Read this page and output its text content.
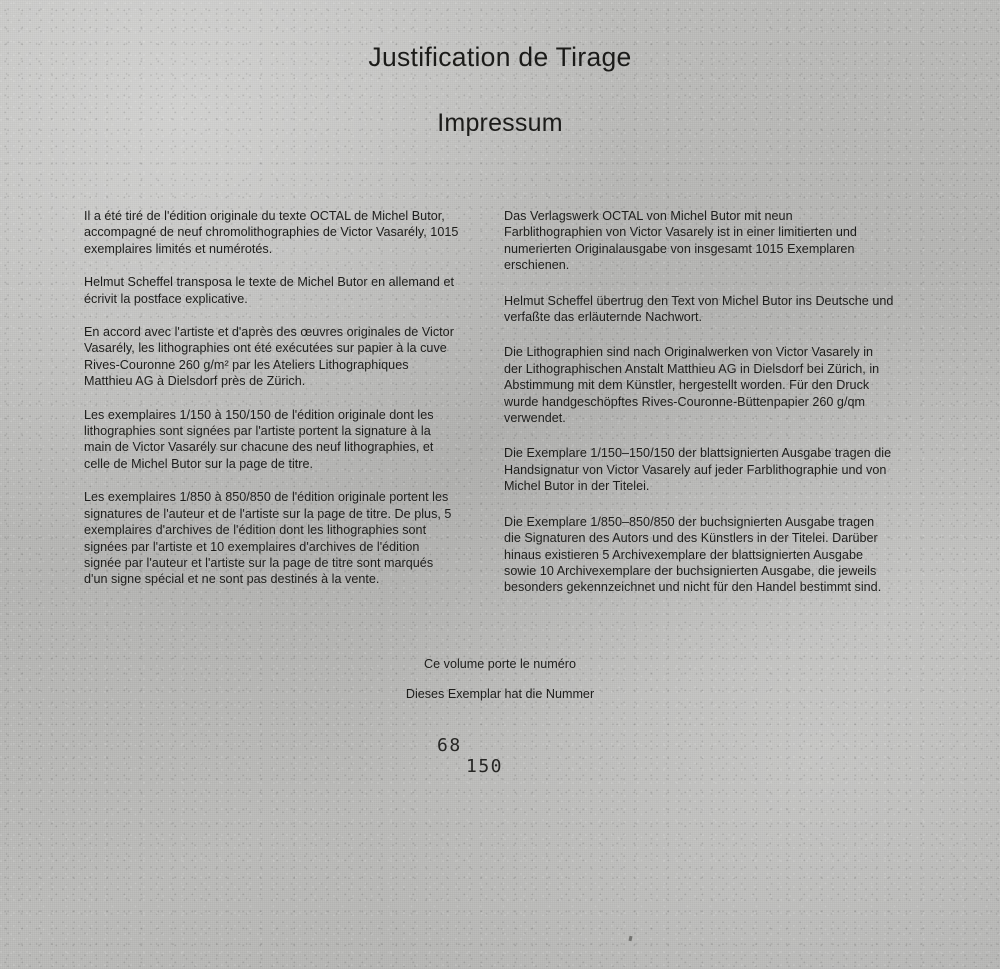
Justification de Tirage
Impressum

Il a été tiré de l'édition originale du texte OCTAL de Michel Butor, accompagné de neuf chromolithographies de Victor Vasarély, 1015 exemplaires limités et numérotés.

Helmut Scheffel transposa le texte de Michel Butor en allemand et écrivit la postface explicative.

En accord avec l'artiste et d'après des œuvres originales de Victor Vasarély, les lithographies ont été exécutées sur papier à la cuve Rives-Couronne 260 g/m² par les Ateliers Lithographiques Matthieu AG à Dielsdorf près de Zürich.

Les exemplaires 1/150 à 150/150 de l'édition originale dont les lithographies sont signées par l'artiste portent la signature à la main de Victor Vasarély sur chacune des neuf lithographies, et celle de Michel Butor sur la page de titre.

Les exemplaires 1/850 à 850/850 de l'édition originale portent les signatures de l'auteur et de l'artiste sur la page de titre. De plus, 5 exemplaires d'archives de l'édition dont les lithographies sont signées par l'artiste et 10 exemplaires d'archives de l'édition signée par l'auteur et l'artiste sur la page de titre sont marqués d'un signe spécial et ne sont pas destinés à la vente.

Das Verlagswerk OCTAL von Michel Butor mit neun Farblithographien von Victor Vasarely ist in einer limitierten und numerierten Originalausgabe von insgesamt 1015 Exemplaren erschienen.

Helmut Scheffel übertrug den Text von Michel Butor ins Deutsche und verfaßte das erläuternde Nachwort.

Die Lithographien sind nach Originalwerken von Victor Vasarely in der Lithographischen Anstalt Matthieu AG in Dielsdorf bei Zürich, in Abstimmung mit dem Künstler, hergestellt worden. Für den Druck wurde handgeschöpftes Rives-Couronne-Büttenpapier 260 g/qm verwendet.

Die Exemplare 1/150–150/150 der blattsignierten Ausgabe tragen die Handsignatur von Victor Vasarely auf jeder Farblithographie und von Michel Butor in der Titelei.

Die Exemplare 1/850–850/850 der buchsignierten Ausgabe tragen die Signaturen des Autors und des Künstlers in der Titelei. Darüber hinaus existieren 5 Archivexemplare der blattsignierten Ausgabe sowie 10 Archivexemplare der buchsignierten Ausgabe, die jeweils besonders gekennzeichnet und nicht für den Handel bestimmt sind.

Ce volume porte le numéro
Dieses Exemplar hat die Nummer
68
150
